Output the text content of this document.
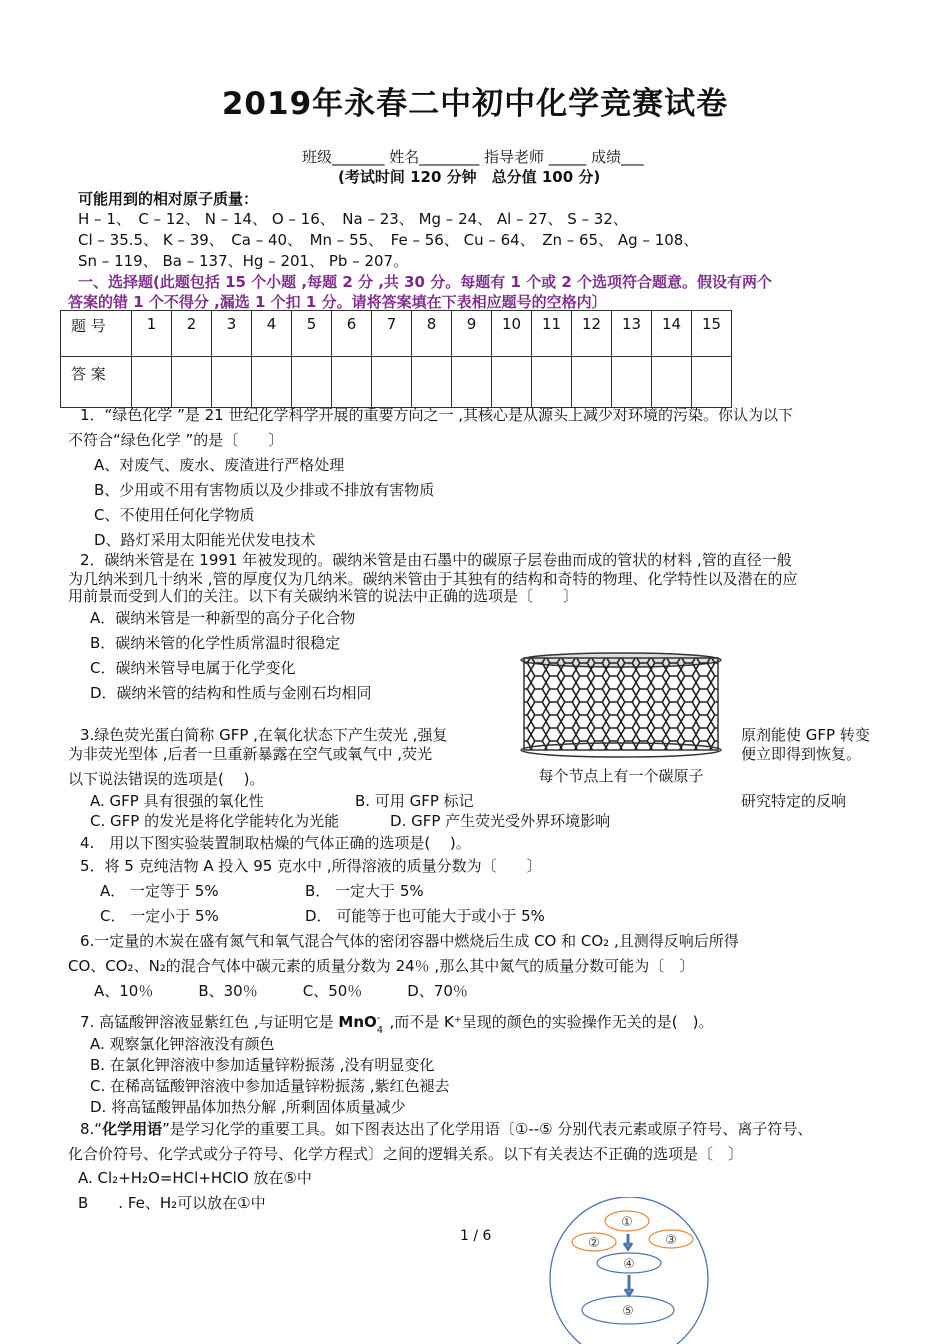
2019年永春二中初中化学竞赛试卷
班级_______ 姓名________ 指导老师 _____ 成绩___
(考试时间 120 分钟　总分值 100 分)
可能用到的相对原子质量：
H – 1、　C – 12、 N – 14、 O – 16、　Na – 23、 Mg – 24、 Al – 27、 S – 32、
Cl – 35.5、 K – 39、　Ca – 40、　Mn – 55、　Fe – 56、 Cu – 64、　Zn – 65、 Ag – 108、
Sn – 119、 Ba – 137、Hg – 201、 Pb – 207。
一、选择题(此题包括 15 个小题 ,每题 2 分 ,共 30 分。每题有 1 个或 2 个选项符合题意。假设有两个
答案的错 1 个不得分 ,漏选 1 个扣 1 分。请将答案填在下表相应题号的空格内〕
题 号	1	2	3	4	5	6	7	8	9	10	11	12	13	14	15
答 案															
1．“绿色化学 ”是 21 世纪化学科学开展的重要方向之一 ,其核心是从源头上减少对环境的污染。你认为以下
不符合“绿色化学 ”的是〔　　〕
A、对废气、废水、废渣进行严格处理
B、少用或不用有害物质以及少排或不排放有害物质
C、不使用任何化学物质
D、路灯采用太阳能光伏发电技术
2．碳纳米管是在 1991 年被发现的。碳纳米管是由石墨中的碳原子层卷曲而成的管状的材料 ,管的直径一般
为几纳米到几十纳米 ,管的厚度仅为几纳米。碳纳米管由于其独有的结构和奇特的物理、化学特性以及潜在的应
用前景而受到人们的关注。以下有关碳纳米管的说法中正确的选项是〔　　〕
A．碳纳米管是一种新型的高分子化合物
B．碳纳米管的化学性质常温时很稳定
C．碳纳米管导电属于化学变化
D．碳纳米管的结构和性质与金刚石均相同
每个节点上有一个碳原子
3.绿色荧光蛋白简称 GFP ,在氧化状态下产生荧光 ,强复	原剂能使 GFP 转变
为非荧光型体 ,后者一旦重新暴露在空气或氧气中 ,荧光	便立即得到恢复。
以下说法错误的选项是(　 )。
A. GFP 具有很强的氧化性	B. 可用 GFP 标记	研究特定的反响
C. GFP 的发光是将化学能转化为光能	D. GFP 产生荧光受外界环境影响
4.　用以下图实验装置制取枯燥的气体正确的选项是(　 )。
5．将 5 克纯洁物 A 投入 95 克水中 ,所得溶液的质量分数为〔　　〕
A． 一定等于 5%	B． 一定大于 5%
C． 一定小于 5%	D． 可能等于也可能大于或小于 5%
6.一定量的木炭在盛有氮气和氧气混合气体的密闭容器中燃烧后生成 CO 和 CO₂ ,且测得反响后所得
CO、CO₂、N₂的混合气体中碳元素的质量分数为 24％ ,那么其中氮气的质量分数可能为〔　〕
A、10％　　　B、30％　　　C、50％　　　D、70％
7. 高锰酸钾溶液显紫红色 ,与证明它是 MnO -
4 ,而不是 K⁺呈现的颜色的实验操作无关的是(　)。
A. 观察氯化钾溶液没有颜色
B. 在氯化钾溶液中参加适量锌粉振荡 ,没有明显变化
C. 在稀高锰酸钾溶液中参加适量锌粉振荡 ,紫红色褪去
D. 将高锰酸钾晶体加热分解 ,所剩固体质量减少
8.“化学用语”是学习化学的重要工具。如下图表达出了化学用语〔①--⑤ 分别代表元素或原子符号、离子符号、
化合价符号、化学式或分子符号、化学方程式〕之间的逻辑关系。以下有关表达不正确的选项是〔　〕
A. Cl₂+H₂O=HCl+HClO 放在⑤中
B　　. Fe、H₂可以放在①中
1 / 6
①
②	③
④
⑤
